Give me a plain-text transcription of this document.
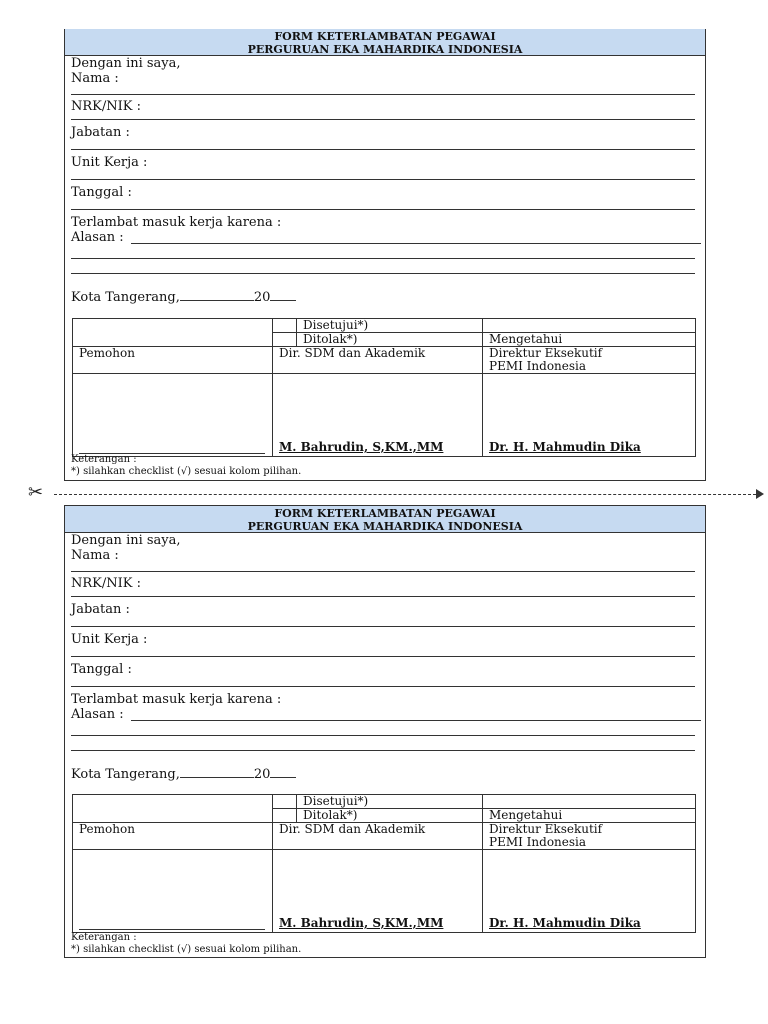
FORM KETERLAMBATAN PEGAWAI
PERGURUAN EKA MAHARDIKA INDONESIA
Dengan ini saya,
Nama :
NRK/NIK :
Jabatan :
Unit Kerja :
Tanggal :
Terlambat masuk kerja karena :
Alasan :
Kota Tangerang,	20
		Disetujui*)	
		Ditolak*)	Mengetahui
Pemohon	Dir. SDM dan Akademik		Direktur Eksekutif
PEMI Indonesia

	M. Bahrudin, S,KM.,MM		Dr. H. Mahmudin Dika
Keterangan :
*) silahkan checklist (√) sesuai kolom pilihan.
✂
FORM KETERLAMBATAN PEGAWAI
PERGURUAN EKA MAHARDIKA INDONESIA
Dengan ini saya,
Nama :
NRK/NIK :
Jabatan :
Unit Kerja :
Tanggal :
Terlambat masuk kerja karena :
Alasan :
Kota Tangerang,	20
		Disetujui*)	
		Ditolak*)	Mengetahui
Pemohon	Dir. SDM dan Akademik		Direktur Eksekutif
PEMI Indonesia

	M. Bahrudin, S,KM.,MM		Dr. H. Mahmudin Dika
Keterangan :
*) silahkan checklist (√) sesuai kolom pilihan.
